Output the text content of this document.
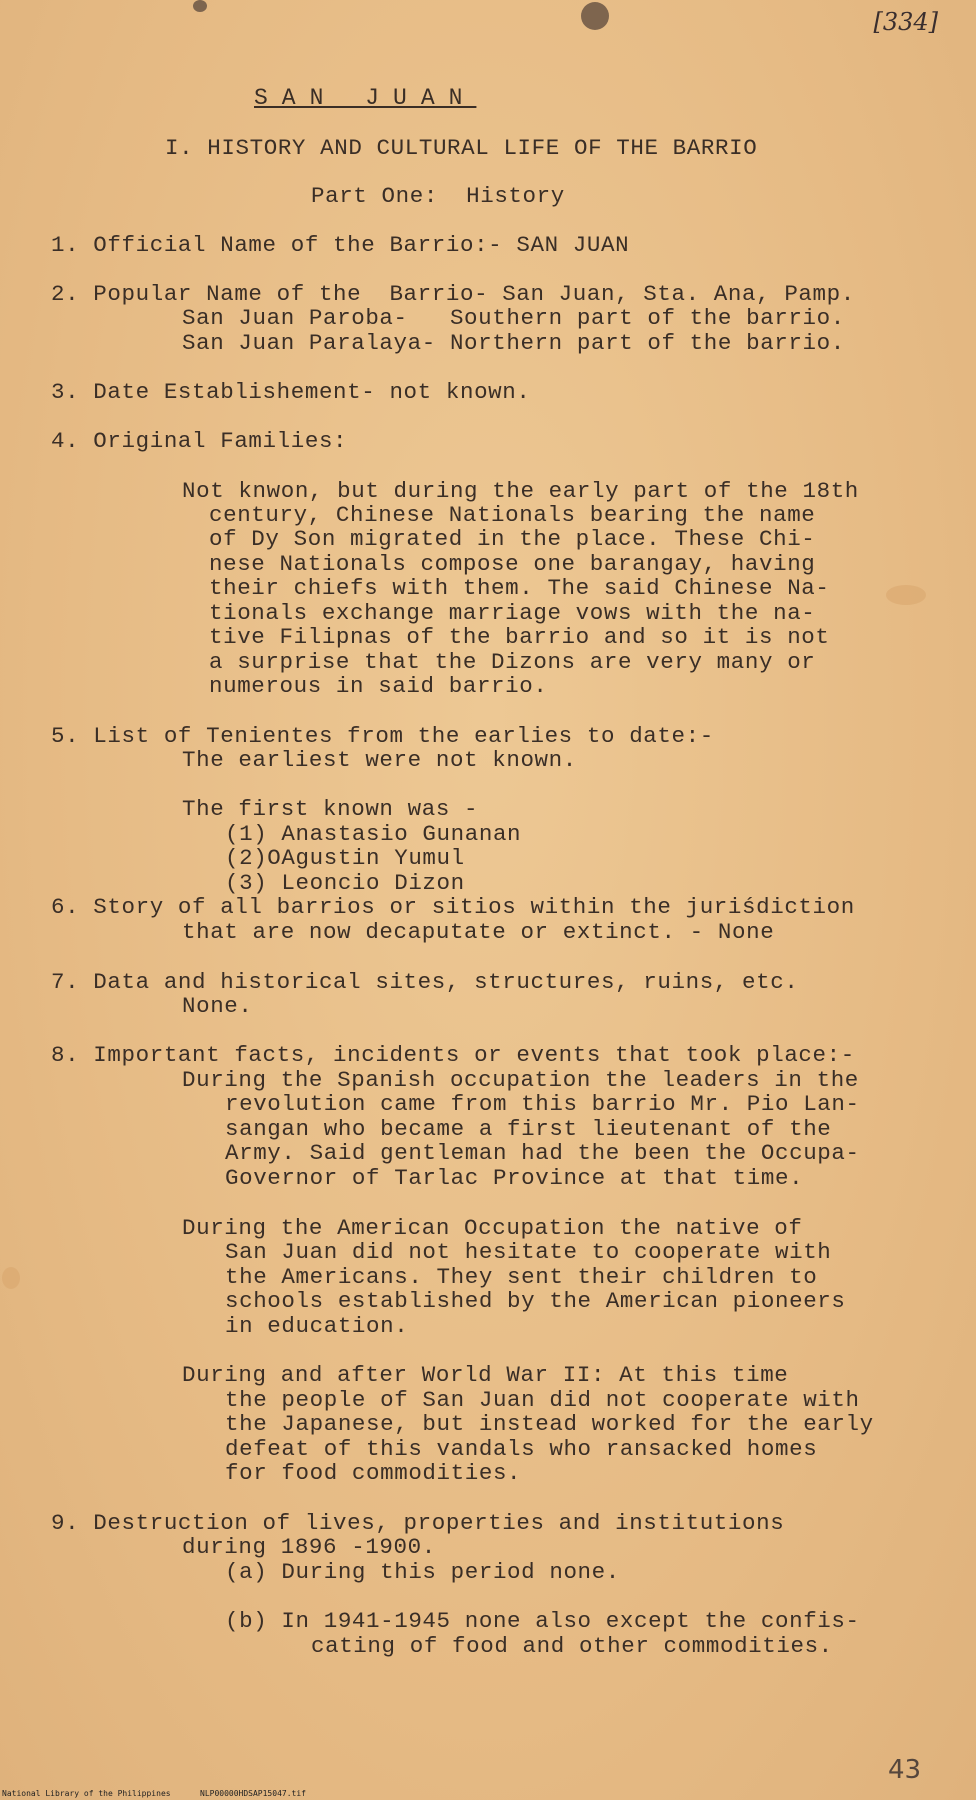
[334]
SAN JUAN
I. HISTORY AND CULTURAL LIFE OF THE BARRIO
Part One:  History
1. Official Name of the Barrio:- SAN JUAN
2. Popular Name of the  Barrio- San Juan, Sta. Ana, Pamp.
San Juan Paroba-   Southern part of the barrio.
San Juan Paralaya- Northern part of the barrio.
3. Date Establishement- not known.
4. Original Families:
Not knwon, but during the early part of the 18th
century, Chinese Nationals bearing the name
of Dy Son migrated in the place. These Chi-
nese Nationals compose one barangay, having
their chiefs with them. The said Chinese Na-
tionals exchange marriage vows with the na-
tive Filipnas of the barrio and so it is not
a surprise that the Dizons are very many or
numerous in said barrio.
5. List of Tenientes from the earlies to date:-
The earliest were not known.
The first known was -
(1) Anastasio Gunanan
(2)OAgustin Yumul
(3) Leoncio Dizon
6. Story of all barrios or sitios within the juriśdiction
that are now decaputate or extinct. - None
7. Data and historical sites, structures, ruins, etc.
None.
8. Important facts, incidents or events that took place:-
During the Spanish occupation the leaders in the
revolution came from this barrio Mr. Pio Lan-
sangan who became a first lieutenant of the
Army. Said gentleman had the been the Occupa-
Governor of Tarlac Province at that time.
During the American Occupation the native of
San Juan did not hesitate to cooperate with
the Americans. They sent their children to
schools established by the American pioneers
in education.
During and after World War II: At this time
the people of San Juan did not cooperate with
the Japanese, but instead worked for the early
defeat of this vandals who ransacked homes
for food commodities.
9. Destruction of lives, properties and institutions
during 1896 -1900.
(a) During this period none.
(b) In 1941-1945 none also except the confis-
cating of food and other commodities.
43
National Library of the Philippines	NLP00000HDSAP15047.tif
